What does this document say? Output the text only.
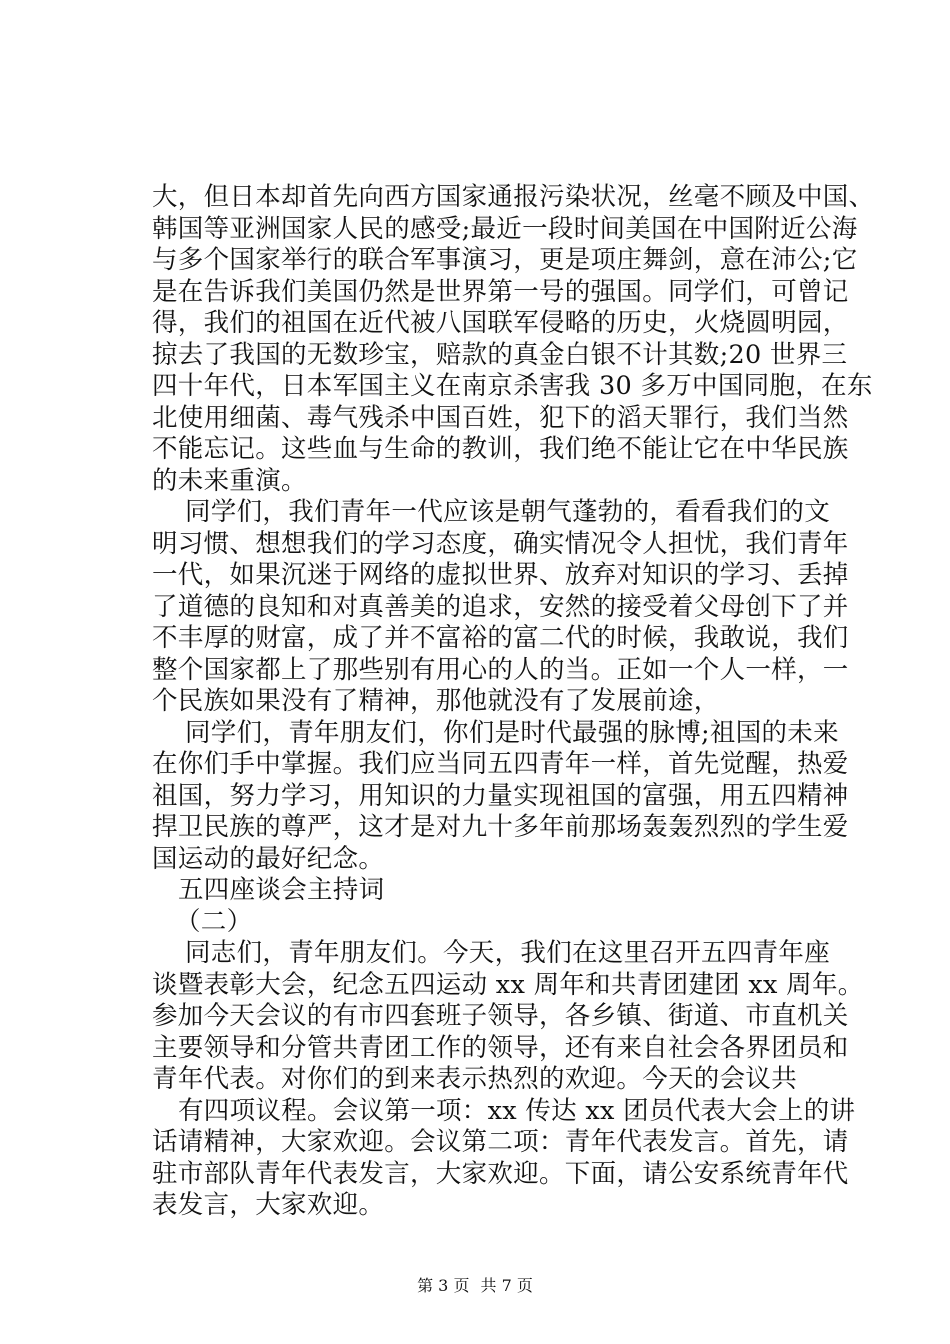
大，但日本却首先向西方国家通报污染状况，丝毫不顾及中国、
韩国等亚洲国家人民的感受;最近一段时间美国在中国附近公海
与多个国家举行的联合军事演习，更是项庄舞剑，意在沛公;它
是在告诉我们美国仍然是世界第一号的强国。同学们，可曾记
得，我们的祖国在近代被八国联军侵略的历史，火烧圆明园，
掠去了我国的无数珍宝，赔款的真金白银不计其数;20 世界三
四十年代，日本军国主义在南京杀害我 30 多万中国同胞，在东
北使用细菌、毒气残杀中国百姓，犯下的滔天罪行，我们当然
不能忘记。这些血与生命的教训，我们绝不能让它在中华民族
的未来重演。
同学们，我们青年一代应该是朝气蓬勃的，看看我们的文
明习惯、想想我们的学习态度，确实情况令人担忧，我们青年
一代，如果沉迷于网络的虚拟世界、放弃对知识的学习、丢掉
了道德的良知和对真善美的追求，安然的接受着父母创下了并
不丰厚的财富，成了并不富裕的富二代的时候，我敢说，我们
整个国家都上了那些别有用心的人的当。正如一个人一样，一
个民族如果没有了精神，那他就没有了发展前途，
同学们，青年朋友们，你们是时代最强的脉博;祖国的未来
在你们手中掌握。我们应当同五四青年一样，首先觉醒，热爱
祖国，努力学习，用知识的力量实现祖国的富强，用五四精神
捍卫民族的尊严，这才是对九十多年前那场轰轰烈烈的学生爱
国运动的最好纪念。
五四座谈会主持词
（二）
同志们，青年朋友们。今天，我们在这里召开五四青年座
谈暨表彰大会，纪念五四运动 xx 周年和共青团建团 xx 周年。
参加今天会议的有市四套班子领导，各乡镇、街道、市直机关
主要领导和分管共青团工作的领导，还有来自社会各界团员和
青年代表。对你们的到来表示热烈的欢迎。今天的会议共
有四项议程。会议第一项：xx 传达 xx 团员代表大会上的讲
话请精神，大家欢迎。会议第二项：青年代表发言。首先，请
驻市部队青年代表发言，大家欢迎。下面，请公安系统青年代
表发言，大家欢迎。
第 3 页 共 7 页
